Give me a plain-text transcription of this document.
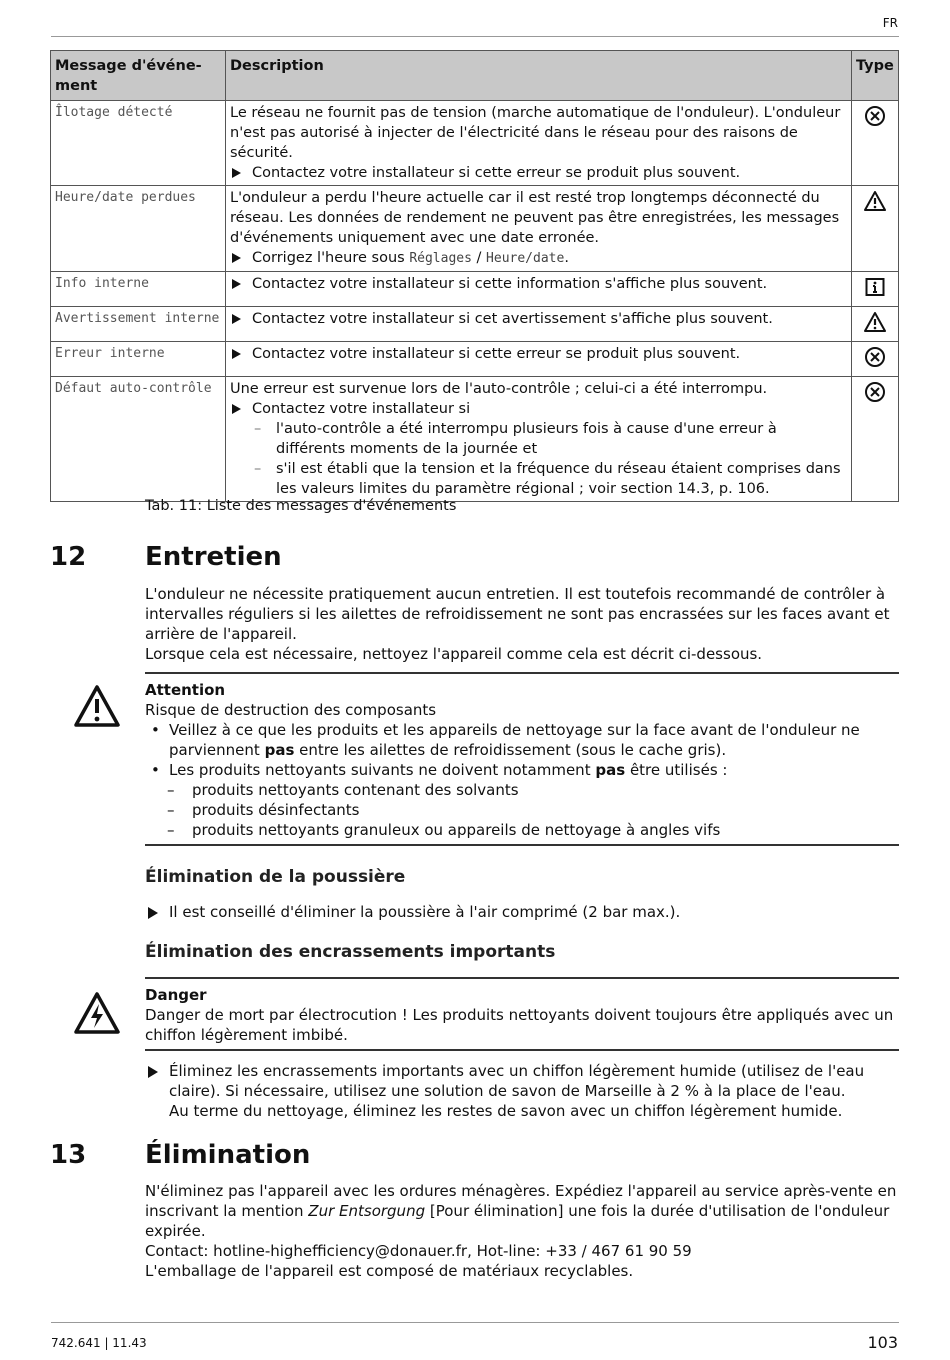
FR
Message d'événe-ment	Description	Type
Îlotage détecté	Le réseau ne fournit pas de tension (marche automatique de l'onduleur). L'onduleur n'est pas autorisé à injecter de l'électricité dans le réseau pour des raisons de sécurité.
Contactez votre installateur si cette erreur se produit plus souvent.

Heure/date perdues	L'onduleur a perdu l'heure actuelle car il est resté trop longtemps déconnecté du réseau. Les données de rendement ne peuvent pas être enregistrées, les messages d'événements uniquement avec une date erronée.
Corrigez l'heure sous Réglages / Heure/date.

Info interne	Contactez votre installateur si cette information s'affiche plus souvent.

Avertissement interne	Contactez votre installateur si cet avertissement s'affiche plus souvent.

Erreur interne	Contactez votre installateur si cette erreur se produit plus souvent.

Défaut auto-contrôle	Une erreur est survenue lors de l'auto-contrôle ; celui-ci a été interrompu.
Contactez votre installateur si
– l'auto-contrôle a été interrompu plusieurs fois à cause d'une erreur à différents moments de la journée et
– s'il est établi que la tension et la fréquence du réseau étaient comprises dans les valeurs limites du paramètre régional ; voir section 14.3, p. 106.

Tab. 11: Liste des messages d'événements
12 Entretien
L'onduleur ne nécessite pratiquement aucun entretien. Il est toutefois recommandé de contrôler à intervalles réguliers si les ailettes de refroidissement ne sont pas encrassées sur les faces avant et arrière de l'appareil.
Lorsque cela est nécessaire, nettoyez l'appareil comme cela est décrit ci-dessous.
Attention
Risque de destruction des composants
• Veillez à ce que les produits et les appareils de nettoyage sur la face avant de l'onduleur ne parviennent pas entre les ailettes de refroidissement (sous le cache gris).
• Les produits nettoyants suivants ne doivent notamment pas être utilisés :
– produits nettoyants contenant des solvants
– produits désinfectants
– produits nettoyants granuleux ou appareils de nettoyage à angles vifs
Élimination de la poussière
Il est conseillé d'éliminer la poussière à l'air comprimé (2 bar max.).
Élimination des encrassements importants
Danger
Danger de mort par électrocution ! Les produits nettoyants doivent toujours être appliqués avec un chiffon légèrement imbibé.
Éliminez les encrassements importants avec un chiffon légèrement humide (utilisez de l'eau claire). Si nécessaire, utilisez une solution de savon de Marseille à 2 % à la place de l'eau.
Au terme du nettoyage, éliminez les restes de savon avec un chiffon légèrement humide.
13 Élimination
N'éliminez pas l'appareil avec les ordures ménagères. Expédiez l'appareil au service après-vente en inscrivant la mention Zur Entsorgung [Pour élimination] une fois la durée d'utilisation de l'onduleur expirée.
Contact: hotline-highefficiency@donauer.fr, Hot-line: +33 / 467 61 90 59
L'emballage de l'appareil est composé de matériaux recyclables.
742.641 | 11.43	103
